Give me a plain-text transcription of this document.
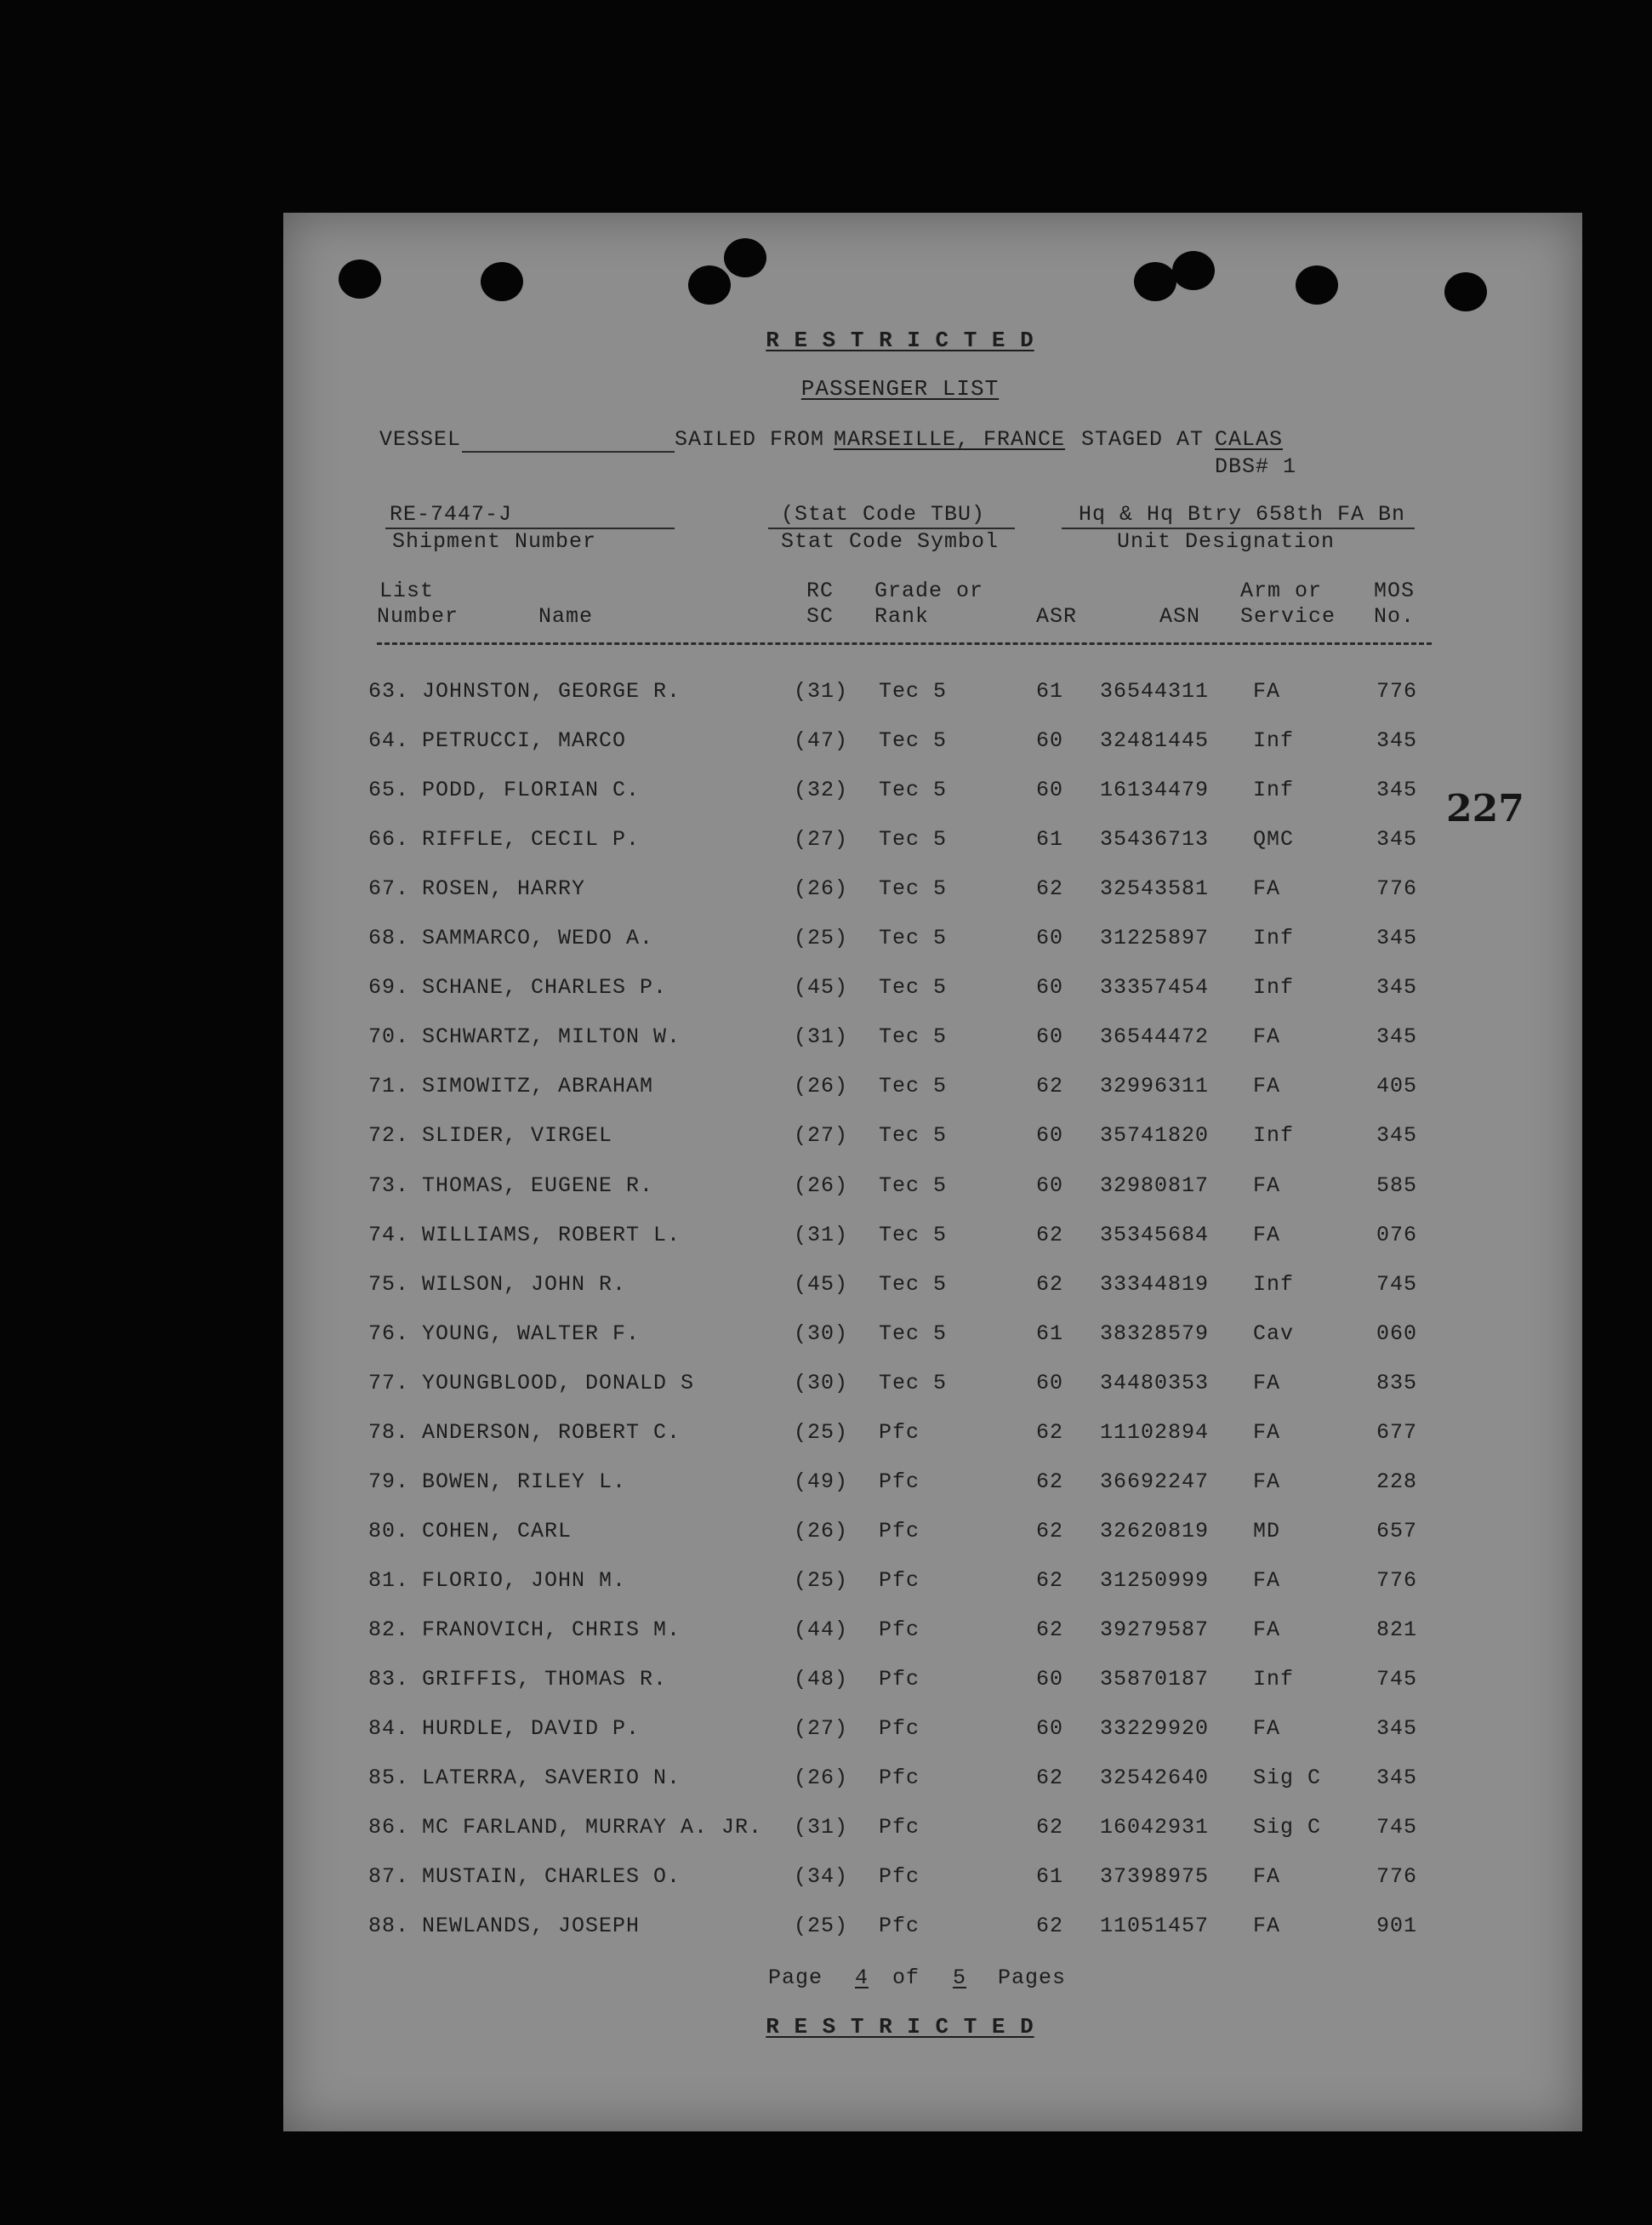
R E S T R I C T E D
PASSENGER LIST
VESSEL	SAILED FROM MARSEILLE, FRANCE STAGED AT CALAS
DBS# 1
RE-7447-J
Shipment Number
(Stat Code TBU)
Stat Code Symbol
Hq & Hq Btry 658th FA Bn
Unit Designation
List
Number	Name
RC
SC
Grade or
Rank	ASR	ASN
Arm or
Service
MOS
No.
63. JOHNSTON, GEORGE R.	(31) Tec 5	61 36544311 FA	776
64. PETRUCCI, MARCO	(47) Tec 5	60 32481445 Inf	345
65. PODD, FLORIAN C.	(32) Tec 5	60 16134479 Inf	345
66. RIFFLE, CECIL P.	(27) Tec 5	61 35436713 QMC	345
67. ROSEN, HARRY	(26) Tec 5	62 32543581 FA	776
68. SAMMARCO, WEDO A.	(25) Tec 5	60 31225897 Inf	345
69. SCHANE, CHARLES P.	(45) Tec 5	60 33357454 Inf	345
70. SCHWARTZ, MILTON W.	(31) Tec 5	60 36544472 FA	345
71. SIMOWITZ, ABRAHAM	(26) Tec 5	62 32996311 FA	405
72. SLIDER, VIRGEL	(27) Tec 5	60 35741820 Inf	345
73. THOMAS, EUGENE R.	(26) Tec 5	60 32980817 FA	585
74. WILLIAMS, ROBERT L.	(31) Tec 5	62 35345684 FA	076
75. WILSON, JOHN R.	(45) Tec 5	62 33344819 Inf	745
76. YOUNG, WALTER F.	(30) Tec 5	61 38328579 Cav	060
77. YOUNGBLOOD, DONALD S	(30) Tec 5	60 34480353 FA	835
78. ANDERSON, ROBERT C.	(25) Pfc	62 11102894 FA	677
79. BOWEN, RILEY L.	(49) Pfc	62 36692247 FA	228
80. COHEN, CARL	(26) Pfc	62 32620819 MD	657
81. FLORIO, JOHN M.	(25) Pfc	62 31250999 FA	776
82. FRANOVICH, CHRIS M.	(44) Pfc	62 39279587 FA	821
83. GRIFFIS, THOMAS R.	(48) Pfc	60 35870187 Inf	745
84. HURDLE, DAVID P.	(27) Pfc	60 33229920 FA	345
85. LATERRA, SAVERIO N.	(26) Pfc	62 32542640 Sig C	345
86. MC FARLAND, MURRAY A. JR. (31) Pfc	62 16042931 Sig C	745
87. MUSTAIN, CHARLES O.	(34) Pfc	61 37398975 FA	776
88. NEWLANDS, JOSEPH	(25) Pfc	62 11051457 FA	901
Page	4	of	5	Pages
R E S T R I C T E D
227
